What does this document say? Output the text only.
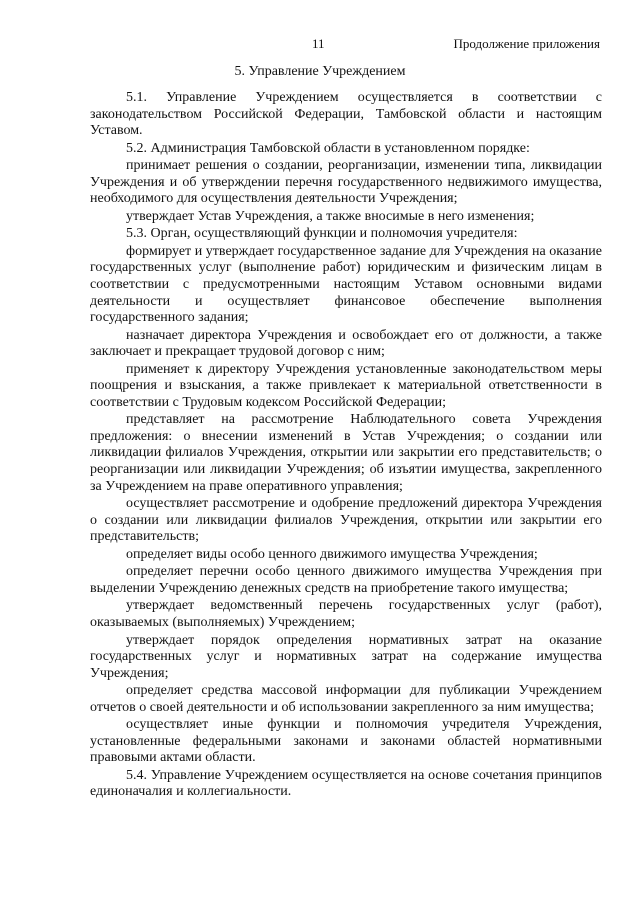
11	Продолжение приложения
5. Управление Учреждением

5.1. Управление Учреждением осуществляется в соответствии с законодательством Российской Федерации, Тамбовской области и настоящим Уставом.

5.2. Администрация Тамбовской области в установленном порядке:

принимает решения о создании, реорганизации, изменении типа, ликвидации Учреждения и об утверждении перечня государственного недвижимого имущества, необходимого для осуществления деятельности Учреждения;

утверждает Устав Учреждения, а также вносимые в него изменения;

5.3. Орган, осуществляющий функции и полномочия учредителя:

формирует и утверждает государственное задание для Учреждения на оказание государственных услуг (выполнение работ) юридическим и физическим лицам в соответствии с предусмотренными настоящим Уставом основными видами деятельности и осуществляет финансовое обеспечение выполнения государственного задания;

назначает директора Учреждения и освобождает его от должности, а также заключает и прекращает трудовой договор с ним;

применяет к директору Учреждения установленные законодательством меры поощрения и взыскания, а также привлекает к материальной ответственности в соответствии с Трудовым кодексом Российской Федерации;

представляет на рассмотрение Наблюдательного совета Учреждения предложения: о внесении изменений в Устав Учреждения; о создании или ликвидации филиалов Учреждения, открытии или закрытии его представительств; о реорганизации или ликвидации Учреждения; об изъятии имущества, закрепленного за Учреждением на праве оперативного управления;

осуществляет рассмотрение и одобрение предложений директора Учреждения о создании или ликвидации филиалов Учреждения, открытии или закрытии его представительств;

определяет виды особо ценного движимого имущества Учреждения;

определяет перечни особо ценного движимого имущества Учреждения при выделении Учреждению денежных средств на приобретение такого имущества;

утверждает ведомственный перечень государственных услуг (работ), оказываемых (выполняемых) Учреждением;

утверждает порядок определения нормативных затрат на оказание государственных услуг и нормативных затрат на содержание имущества Учреждения;

определяет средства массовой информации для публикации Учреждением отчетов о своей деятельности и об использовании закрепленного за ним имущества;

осуществляет иные функции и полномочия учредителя Учреждения, установленные федеральными законами и законами областей нормативными правовыми актами области.

5.4. Управление Учреждением осуществляется на основе сочетания принципов единоначалия и коллегиальности.
